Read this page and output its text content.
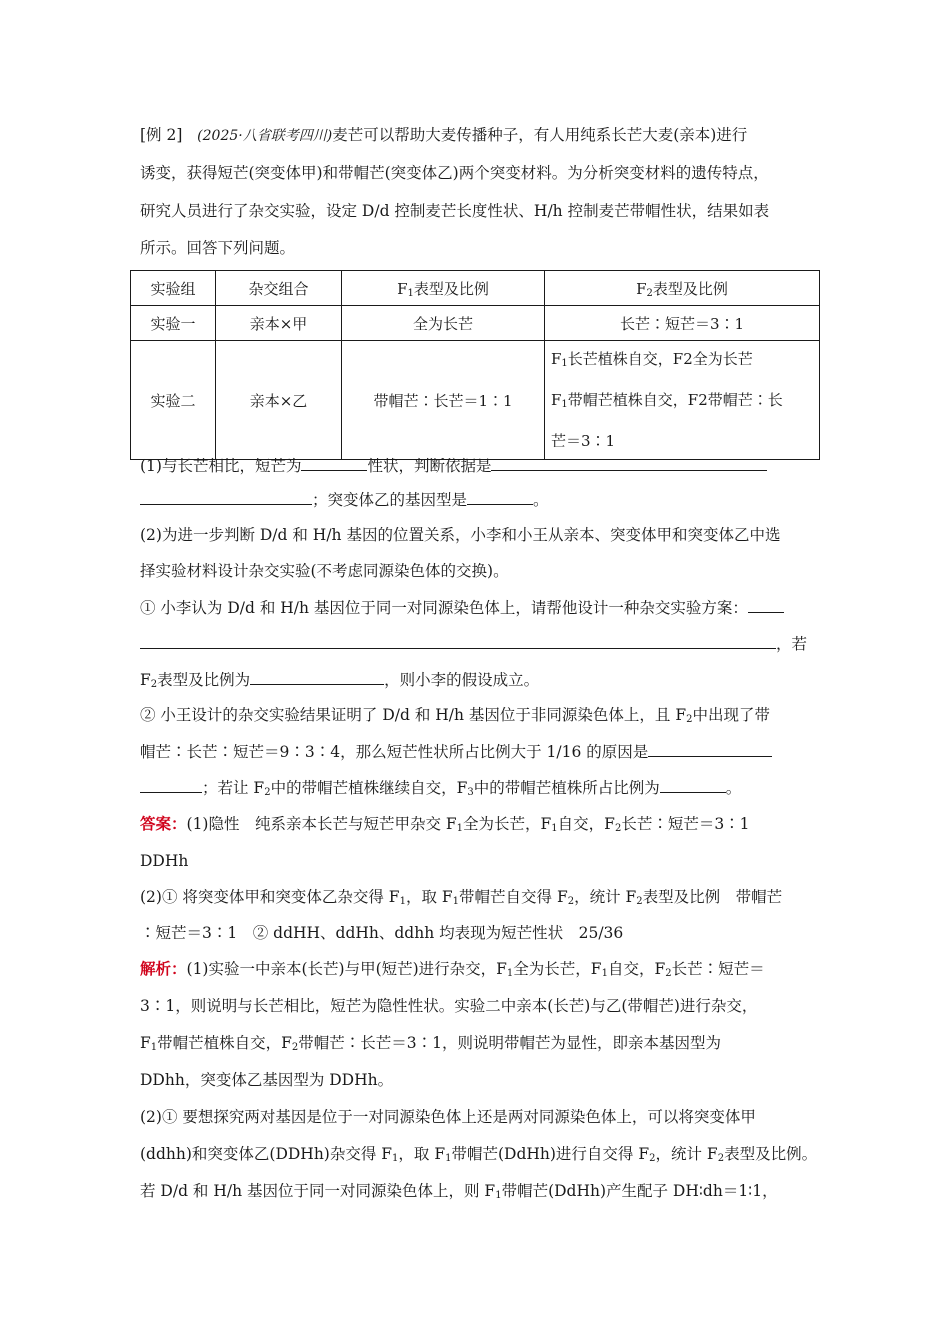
[例 2] (2025·八省联考四川)麦芒可以帮助大麦传播种子，有人用纯系长芒大麦(亲本)进行
诱变，获得短芒(突变体甲)和带帽芒(突变体乙)两个突变材料。为分析突变材料的遗传特点，
研究人员进行了杂交实验，设定 D/d 控制麦芒长度性状、H/h 控制麦芒带帽性状，结果如表
所示。回答下列问题。
实验组	杂交组合	$F_1$表型及比例	$F_2$表型及比例
实验一	亲本×甲	全为长芒	长芒∶短芒＝3∶1
实验二	亲本×乙	带帽芒∶长芒＝1∶1	$F_1$长芒植株自交，F2全为长芒
$F_1$带帽芒植株自交，F2带帽芒∶长
芒＝3∶1
(1)与长芒相比，短芒为	性状，判断依据是
；突变体乙的基因型是	。
(2)为进一步判断 D/d 和 H/h 基因的位置关系，小李和小王从亲本、突变体甲和突变体乙中选
择实验材料设计杂交实验(不考虑同源染色体的交换)。
① 小李认为 D/d 和 H/h 基因位于同一对同源染色体上，请帮他设计一种杂交实验方案：
，若
$F_2$表型及比例为	，则小李的假设成立。
② 小王设计的杂交实验结果证明了 D/d 和 H/h 基因位于非同源染色体上，且 $F_2$中出现了带
帽芒∶长芒∶短芒＝9∶3∶4，那么短芒性状所占比例大于 1/16 的原因是
；若让 $F_2$中的带帽芒植株继续自交，$F_3$中的带帽芒植株所占比例为	。
答案：(1)隐性　纯系亲本长芒与短芒甲杂交 $F_1$全为长芒，$F_1$自交，$F_2$长芒∶短芒＝3∶1
DDHh
(2)① 将突变体甲和突变体乙杂交得 $F_1$，取 $F_1$带帽芒自交得 $F_2$，统计 $F_2$表型及比例　带帽芒
∶短芒＝3∶1　② ddHH、ddHh、ddhh 均表现为短芒性状　25/36
解析：(1)实验一中亲本(长芒)与甲(短芒)进行杂交，$F_1$全为长芒，$F_1$自交，$F_2$长芒∶短芒＝
3∶1，则说明与长芒相比，短芒为隐性性状。实验二中亲本(长芒)与乙(带帽芒)进行杂交，
$F_1$带帽芒植株自交，$F_2$带帽芒∶长芒＝3∶1，则说明带帽芒为显性，即亲本基因型为
DDhh，突变体乙基因型为 DDHh。
(2)① 要想探究两对基因是位于一对同源染色体上还是两对同源染色体上，可以将突变体甲
(ddhh)和突变体乙(DDHh)杂交得 $F_1$，取 $F_1$带帽芒(DdHh)进行自交得 $F_2$，统计 $F_2$表型及比例。
若 D/d 和 H/h 基因位于同一对同源染色体上，则 $F_1$带帽芒(DdHh)产生配子 DH∶dh＝1∶1，
